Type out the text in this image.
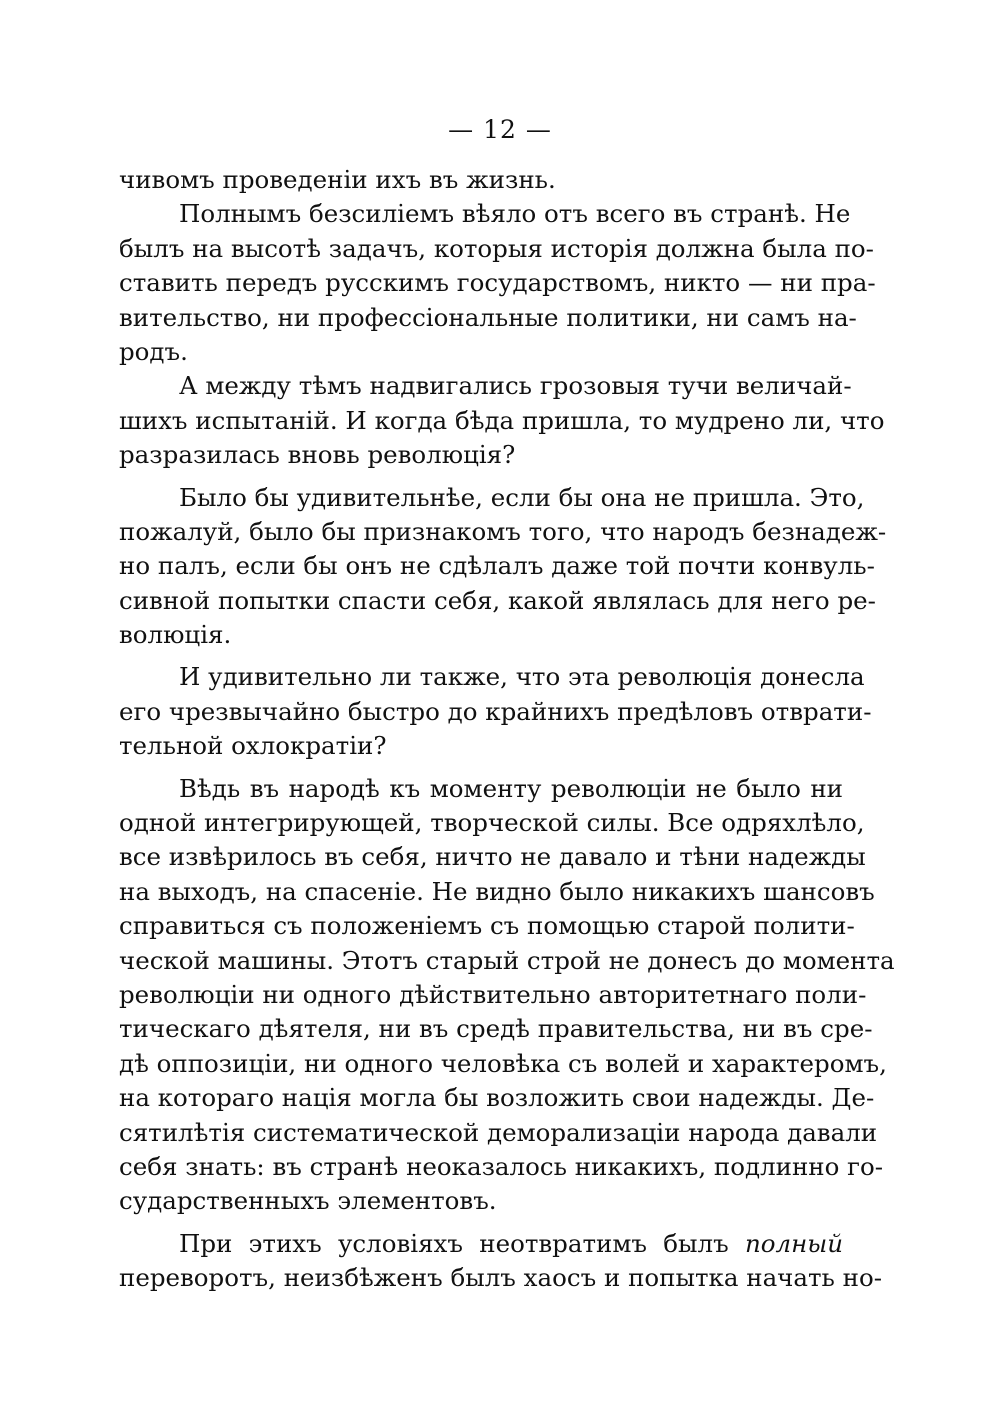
— 12 —

чивомъ проведенiи ихъ въ жизнь.

Полнымъ безсилiемъ вѣяло отъ всего въ странѣ. Не
былъ на высотѣ задачъ, которыя исторiя должна была по-
ставить передъ русскимъ государствомъ, никто — ни пра-
вительство, ни профессiональные политики, ни самъ на-
родъ.

А между тѣмъ надвигались грозовыя тучи величай-
шихъ испытанiй. И когда бѣда пришла, то мудрено ли, что
разразилась вновь революцiя?

Было бы удивительнѣе, если бы она не пришла. Это,
пожалуй, было бы признакомъ того, что народъ безнадеж-
но палъ, если бы онъ не сдѣлалъ даже той почти конвуль-
сивной попытки спасти себя, какой являлась для него ре-
волюцiя.

И удивительно ли также, что эта революцiя донесла
его чрезвычайно быстро до крайнихъ предѣловъ отврати-
тельной охлократiи?

Вѣдь въ народѣ къ моменту революцiи не было ни
одной интегрирующей, творческой силы. Все одряхлѣло,
все извѣрилось въ себя, ничто не давало и тѣни надежды
на выходъ, на спасенiе. Не видно было никакихъ шансовъ
справиться съ положенiемъ съ помощью старой полити-
ческой машины. Этотъ старый строй не донесъ до момента
революцiи ни одного дѣйствительно авторитетнаго поли-
тическаго дѣятеля, ни въ средѣ правительства, ни въ сре-
дѣ оппозицiи, ни одного человѣка съ волей и характеромъ,
на котораго нацiя могла бы возложить свои надежды. Де-
сятилѣтiя систематической деморализацiи народа давали
себя знать: въ странѣ неоказалось никакихъ, подлинно го-
сударственныхъ элементовъ.

При этихъ условiяхъ неотвратимъ былъ полный
переворотъ, неизбѣженъ былъ хаосъ и попытка начать но-
